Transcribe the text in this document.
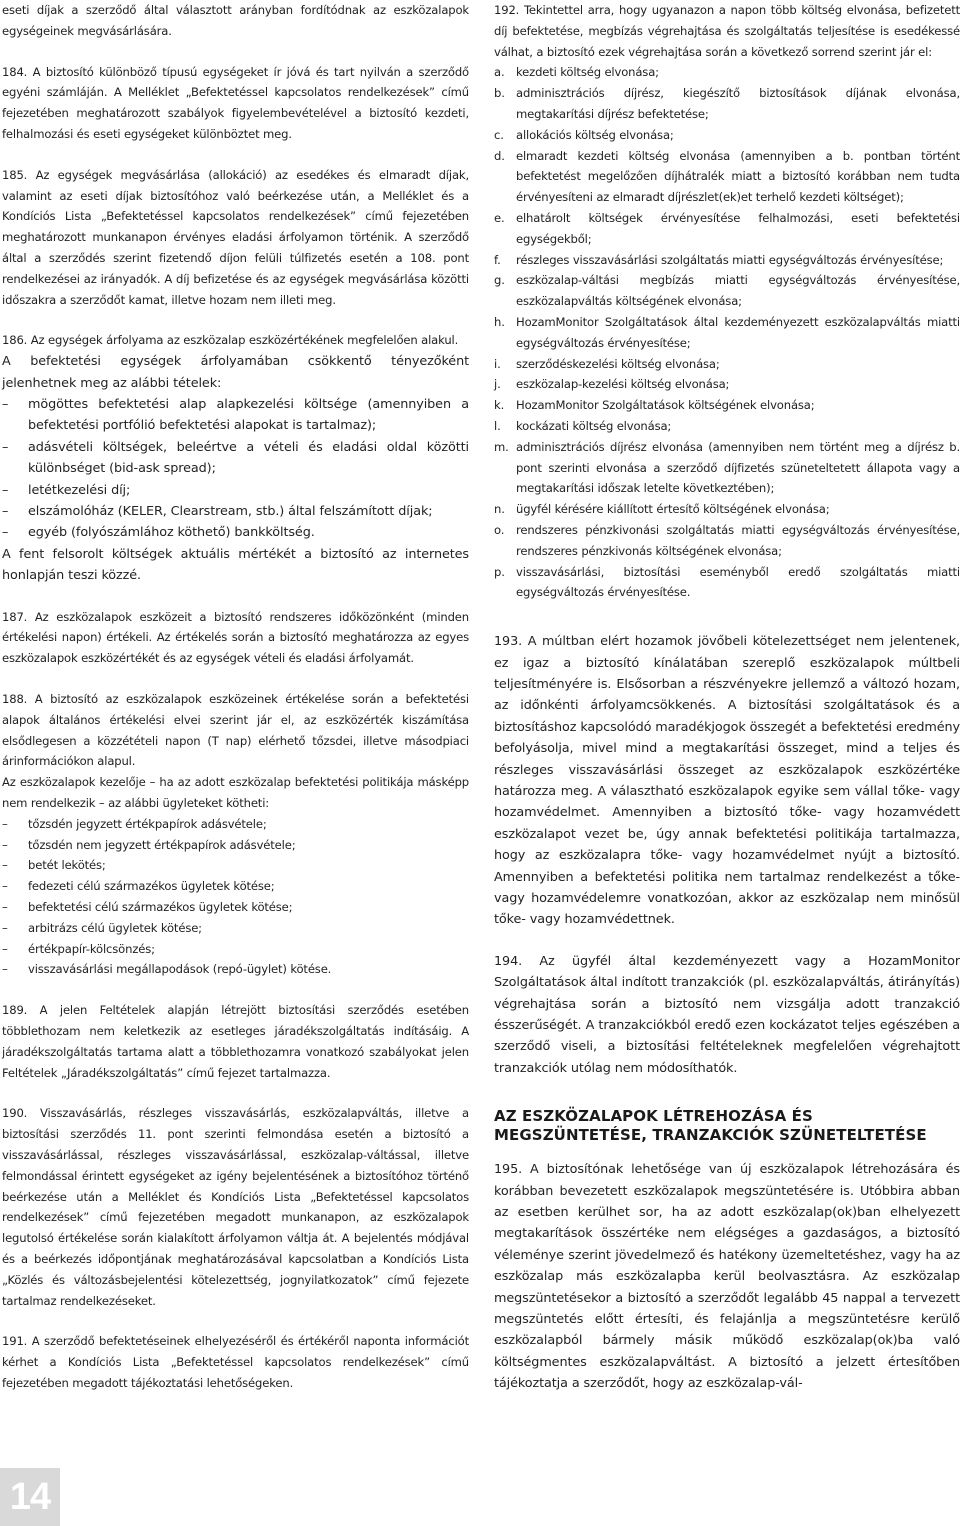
eseti díjak a szerződő által választott arányban fordítódnak az eszközalapok egységeinek megvásárlására.

184. A biztosító különböző típusú egységeket ír jóvá és tart nyilván a szerződő egyéni számláján. A Melléklet „Befektetéssel kapcsolatos rendelkezések” című fejezetében meghatározott szabályok figyelembevételével a biztosító kezdeti, felhalmozási és eseti egységeket különböztet meg.

185. Az egységek megvásárlása (allokáció) az esedékes és elmaradt díjak, valamint az eseti díjak biztosítóhoz való beérkezése után, a Melléklet és a Kondíciós Lista „Befektetéssel kapcsolatos rendelkezések” című fejezetében meghatározott munkanapon érvényes eladási árfolyamon történik. A szerződő által a szerződés szerint fizetendő díjon felüli túlfizetés esetén a 108. pont rendelkezései az irányadók. A díj befizetése és az egységek megvásárlása közötti időszakra a szerződőt kamat, illetve hozam nem illeti meg.

186. Az egységek árfolyama az eszközalap eszközértékének megfelelően alakul.

A befektetési egységek árfolyamában csökkentő tényezőként jelenhetnek meg az alábbi tételek:

– mögöttes befektetési alap alapkezelési költsége (amennyiben a befektetési portfólió befektetési alapokat is tartalmaz);
– adásvételi költségek, beleértve a vételi és eladási oldal közötti különbséget (bid-ask spread);
– letétkezelési díj;
– elszámolóház (KELER, Clearstream, stb.) által felszámított díjak;
– egyéb (folyószámlához köthető) bankköltség.

A fent felsorolt költségek aktuális mértékét a biztosító az internetes honlapján teszi közzé.

187. Az eszközalapok eszközeit a biztosító rendszeres időközönként (minden értékelési napon) értékeli. Az értékelés során a biztosító meghatározza az egyes eszközalapok eszközértékét és az egységek vételi és eladási árfolyamát.

188. A biztosító az eszközalapok eszközeinek értékelése során a befektetési alapok általános értékelési elvei szerint jár el, az eszközérték kiszámítása elsődlegesen a közzétételi napon (T nap) elérhető tőzsdei, illetve másodpiaci árinformációkon alapul.

Az eszközalapok kezelője – ha az adott eszközalap befektetési politikája másképp nem rendelkezik – az alábbi ügyleteket kötheti:

– tőzsdén jegyzett értékpapírok adásvétele;
– tőzsdén nem jegyzett értékpapírok adásvétele;
– betét lekötés;
– fedezeti célú származékos ügyletek kötése;
– befektetési célú származékos ügyletek kötése;
– arbitrázs célú ügyletek kötése;
– értékpapír-kölcsönzés;
– visszavásárlási megállapodások (repó-ügylet) kötése.

189. A jelen Feltételek alapján létrejött biztosítási szerződés esetében többlethozam nem keletkezik az esetleges járadékszolgáltatás indításáig. A járadékszolgáltatás tartama alatt a többlethozamra vonatkozó szabályokat jelen Feltételek „Járadékszolgáltatás” című fejezet tartalmazza.

190. Visszavásárlás, részleges visszavásárlás, eszközalapváltás, illetve a biztosítási szerződés 11. pont szerinti felmondása esetén a biztosító a visszavásárlással, részleges visszavásárlással, eszközalap-váltással, illetve felmondással érintett egységeket az igény bejelentésének a biztosítóhoz történő beérkezése után a Melléklet és Kondíciós Lista „Befektetéssel kapcsolatos rendelkezések” című fejezetében megadott munkanapon, az eszközalapok legutolsó értékelése során kialakított árfolyamon váltja át. A bejelentés módjával és a beérkezés időpontjának meghatározásával kapcsolatban a Kondíciós Lista „Közlés és változásbejelentési kötelezettség, jognyilatkozatok” című fejezete tartalmaz rendelkezéseket.

191. A szerződő befektetéseinek elhelyezéséről és értékéről naponta információt kérhet a Kondíciós Lista „Befektetéssel kapcsolatos rendelkezések” című fejezetében megadott tájékoztatási lehetőségeken.

192. Tekintettel arra, hogy ugyanazon a napon több költség elvonása, befizetett díj befektetése, megbízás végrehajtása és szolgáltatás teljesítése is esedékessé válhat, a biztosító ezek végrehajtása során a következő sorrend szerint jár el:

a. kezdeti költség elvonása;
b. adminisztrációs díjrész, kiegészítő biztosítások díjának elvonása, megtakarítási díjrész befektetése;
c.	allokációs költség elvonása;
d. elmaradt kezdeti költség elvonása (amennyiben a b. pontban történt befektetést megelőzően díjhátralék miatt a biztosító korábban nem tudta érvényesíteni az elmaradt díjrészlet(ek)et terhelő kezdeti költséget);
e. elhatárolt költségek érvényesítése felhalmozási, eseti befektetési egységekből;
f.	részleges visszavásárlási szolgáltatás miatti egységváltozás érvényesítése;
g. eszközalap-váltási megbízás miatti egységváltozás érvényesítése, eszközalapváltás költségének elvonása;
h. HozamMonitor Szolgáltatások által kezdeményezett eszközalapváltás miatti egységváltozás érvényesítése;
i.	szerződéskezelési költség elvonása;
j.	eszközalap-kezelési költség elvonása;
k.	HozamMonitor Szolgáltatások költségének elvonása;
l.	kockázati költség elvonása;
m. adminisztrációs díjrész elvonása (amennyiben nem történt meg a díjrész b. pont szerinti elvonása a szerződő díjfizetés szüneteltetett állapota vagy a megtakarítási időszak letelte következtében);
n. ügyfél kérésére kiállított értesítő költségének elvonása;
o.	rendszeres pénzkivonási szolgáltatás miatti egységváltozás érvényesítése, rendszeres pénzkivonás költségének elvonása;
p. visszavásárlási, biztosítási eseményből eredő szolgáltatás miatti egységváltozás érvényesítése.

193. A múltban elért hozamok jövőbeli kötelezettséget nem jelentenek, ez igaz a biztosító kínálatában szereplő eszközalapok múltbeli teljesítményére is. Elsősorban a részvényekre jellemző a változó hozam, az időnkénti árfolyamcsökkenés. A biztosítási szolgáltatások és a biztosításhoz kapcsolódó maradékjogok összegét a befektetési eredmény befolyásolja, mivel mind a megtakarítási összeget, mind a teljes és részleges visszavásárlási összeget az eszközalapok eszközértéke határozza meg. A választható eszközalapok egyike sem vállal tőke- vagy hozamvédelmet. Amennyiben a biztosító tőke- vagy hozamvédett eszközalapot vezet be, úgy annak befektetési politikája tartalmazza, hogy az eszközalapra tőke- vagy hozamvédelmet nyújt a biztosító. Amennyiben a befektetési politika nem tartalmaz rendelkezést a tőke- vagy hozamvédelemre vonatkozóan, akkor az eszközalap nem minősül tőke- vagy hozamvédettnek.

194. Az ügyfél által kezdeményezett vagy a HozamMonitor Szolgáltatások által indított tranzakciók (pl. eszközalapváltás, átirányítás) végrehajtása során a biztosító nem vizsgálja adott tranzakció ésszerűségét. A tranzakciókból eredő ezen kockázatot teljes egészében a szerződő viseli, a biztosítási feltételeknek megfelelően végrehajtott tranzakciók utólag nem módosíthatók.

AZ ESZKÖZALAPOK LÉTREHOZÁSA ÉS MEGSZÜNTETÉSE, TRANZAKCIÓK SZÜNETELTETÉSE

195. A biztosítónak lehetősége van új eszközalapok létrehozására és korábban bevezetett eszközalapok megszüntetésére is. Utóbbira abban az esetben kerülhet sor, ha az adott eszközalap(ok)ban elhelyezett megtakarítások összértéke nem elégséges a gazdaságos, a biztosító véleménye szerint jövedelmező és hatékony üzemeltetéshez, vagy ha az eszközalap más eszközalapba kerül beolvasztásra. Az eszközalap megszüntetésekor a biztosító a szerződőt legalább 45 nappal a tervezett megszüntetés előtt értesíti, és felajánlja a megszüntetésre kerülő eszközalapból bármely másik működő eszközalap(ok)ba való költségmentes eszközalapváltást. A biztosító a jelzett értesítőben tájékoztatja a szerződőt, hogy az eszközalap-vál-

14
